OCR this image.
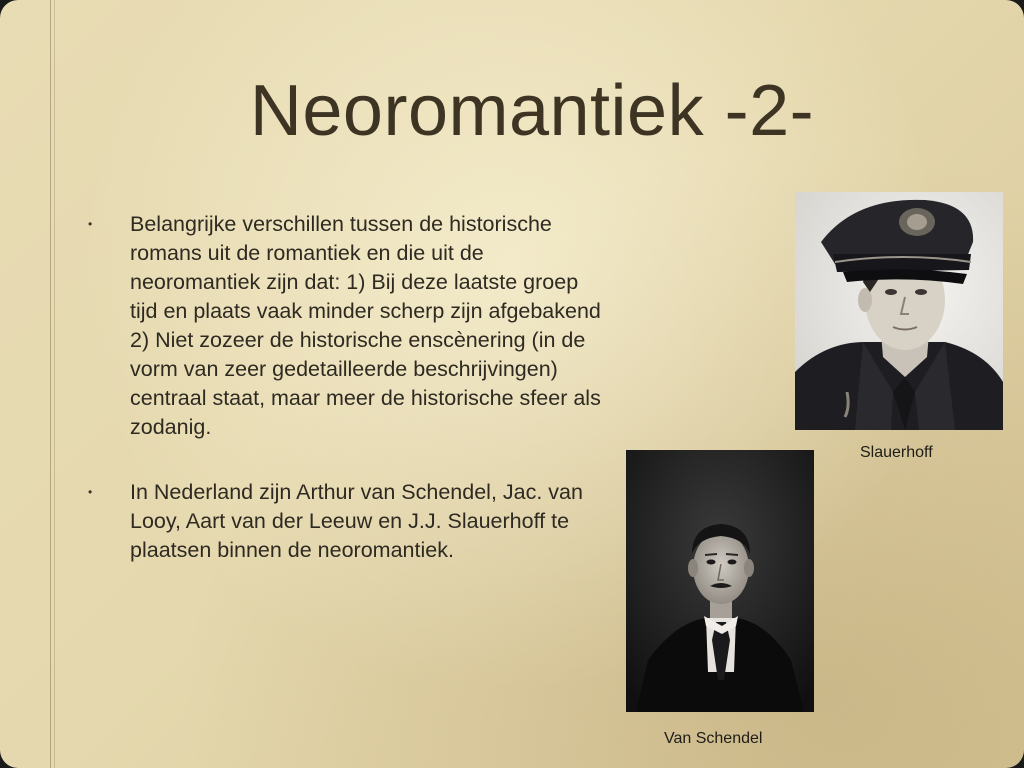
Neoromantiek -2-
• Belangrijke verschillen tussen de historische romans uit de romantiek en die uit de neoromantiek zijn dat: 1) Bij deze laatste groep tijd en plaats vaak minder scherp zijn afgebakend 2) Niet zozeer de historische enscènering (in de vorm van zeer gedetailleerde beschrijvingen) centraal staat, maar meer de historische sfeer als zodanig.
• In Nederland zijn Arthur van Schendel, Jac. van Looy, Aart van der Leeuw en J.J. Slauerhoff te plaatsen binnen de neoromantiek.
Slauerhoff
Van Schendel
